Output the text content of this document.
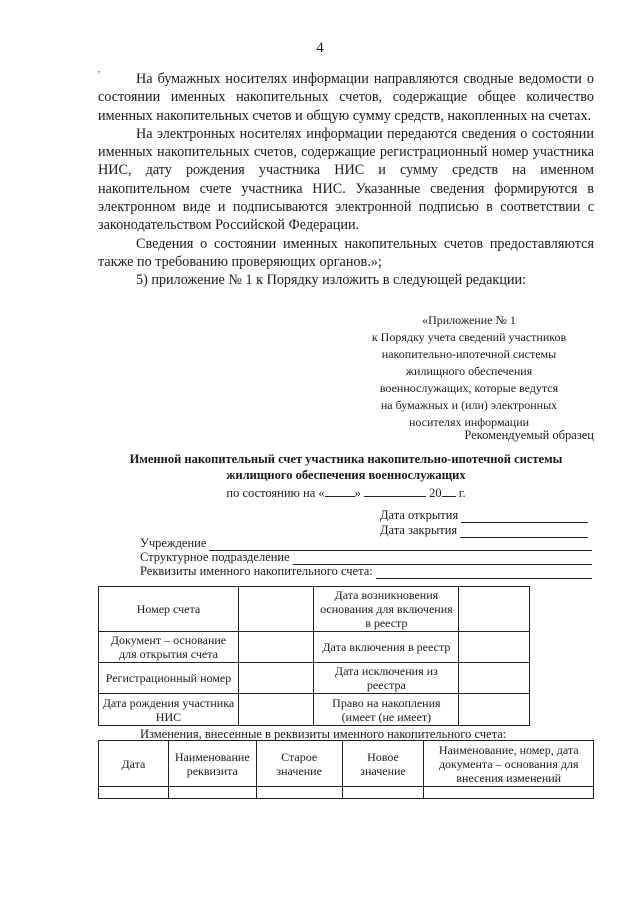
,
4

На бумажных носителях информации направляются сводные ведомости о состоянии именных накопительных счетов, содержащие общее количество именных накопительных счетов и общую сумму средств, накопленных на счетах.

На электронных носителях информации передаются сведения о состоянии именных накопительных счетов, содержащие регистрационный номер участника НИС, дату рождения участника НИС и сумму средств на именном накопительном счете участника НИС. Указанные сведения формируются в электронном виде и подписываются электронной подписью в соответствии с законодательством Российской Федерации.

Сведения о состоянии именных накопительных счетов предоставляются также по требованию проверяющих органов.»;

5) приложение № 1 к Порядку изложить в следующей редакции:

«Приложение № 1
к Порядку учета сведений участников
накопительно-ипотечной системы
жилищного обеспечения
военнослужащих, которые ведутся
на бумажных и (или) электронных
носителях информации
Рекомендуемый образец
Именной накопительный счет участника накопительно-ипотечной системы
жилищного обеспечения военнослужащих
по состоянию на « »	20 г.
Дата открытия
Дата закрытия
Учреждение
Структурное подразделение
Реквизиты именного накопительного счета:
Номер счета		Дата возникновения основания для включения в реестр	
Документ – основание для открытия счета		Дата включения в реестр	
Регистрационный номер		Дата исключения из реестра	
Дата рождения участника НИС		Право на накопления (имеет (не имеет)	
Изменения, внесенные в реквизиты именного накопительного счета:
Дата	Наименование реквизита	Старое значение	Новое значение	Наименование, номер, дата документа – основания для внесения изменений
